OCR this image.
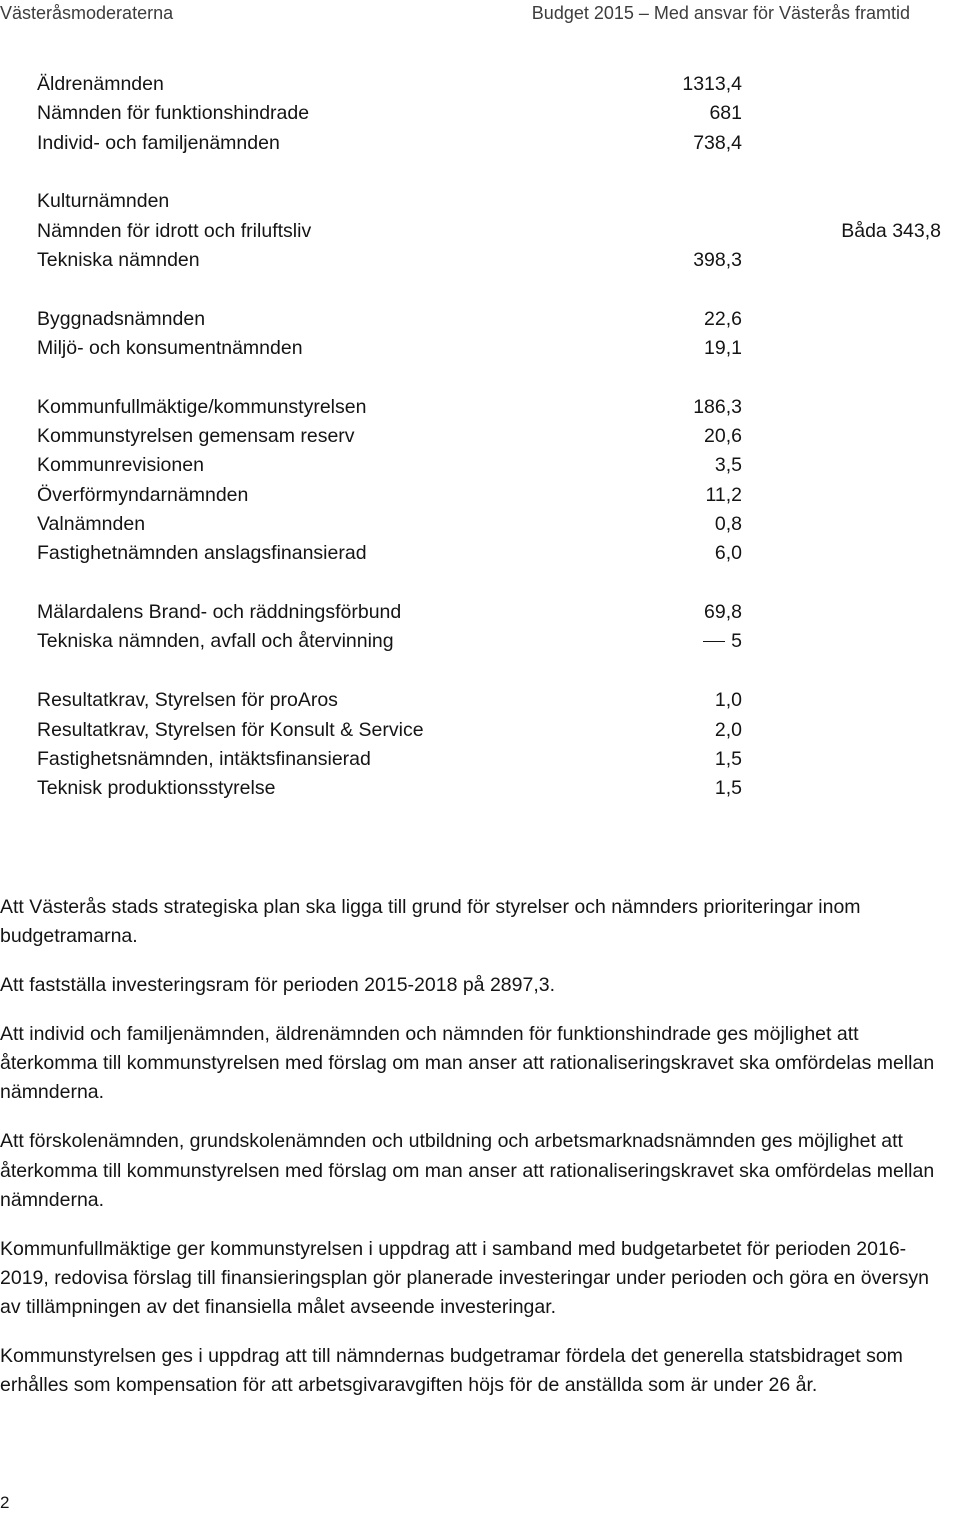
Västeråsmoderaterna	Budget 2015 – Med ansvar för Västerås framtid
Äldrenämnden	1313,4
Nämnden för funktionshindrade	681
Individ- och familjenämnden	738,4
Kulturnämnden
Nämnden för idrott och friluftsliv	Båda 343,8
Tekniska nämnden	398,3
Byggnadsnämnden	22,6
Miljö- och konsumentnämnden	19,1
Kommunfullmäktige/kommunstyrelsen	186,3
Kommunstyrelsen gemensam reserv	20,6
Kommunrevisionen	3,5
Överförmyndarnämnden	11,2
Valnämnden	0,8
Fastighetnämnden anslagsfinansierad	6,0
Mälardalens Brand- och räddningsförbund	69,8
Tekniska nämnden, avfall och återvinning	5
Resultatkrav, Styrelsen för proAros	1,0
Resultatkrav, Styrelsen för Konsult & Service	2,0
Fastighetsnämnden, intäktsfinansierad	1,5
Teknisk produktionsstyrelse	1,5

Att Västerås stads strategiska plan ska ligga till grund för styrelser och nämnders prioriteringar inom budgetramarna.

Att fastställa investeringsram för perioden 2015-2018 på 2897,3.

Att individ och familjenämnden, äldrenämnden och nämnden för funktionshindrade ges möjlighet att återkomma till kommunstyrelsen med förslag om man anser att rationaliseringskravet ska omfördelas mellan nämnderna.

Att förskolenämnden, grundskolenämnden och utbildning och arbetsmarknadsnämnden ges möjlighet att återkomma till kommunstyrelsen med förslag om man anser att rationaliseringskravet ska omfördelas mellan nämnderna.

Kommunfullmäktige ger kommunstyrelsen i uppdrag att i samband med budgetarbetet för perioden 2016-2019, redovisa förslag till finansieringsplan gör planerade investeringar under perioden och göra en översyn av tillämpningen av det finansiella målet avseende investeringar.

Kommunstyrelsen ges i uppdrag att till nämndernas budgetramar fördela det generella statsbidraget som erhålles som kompensation för att arbetsgivaravgiften höjs för de anställda som är under 26 år.

2
